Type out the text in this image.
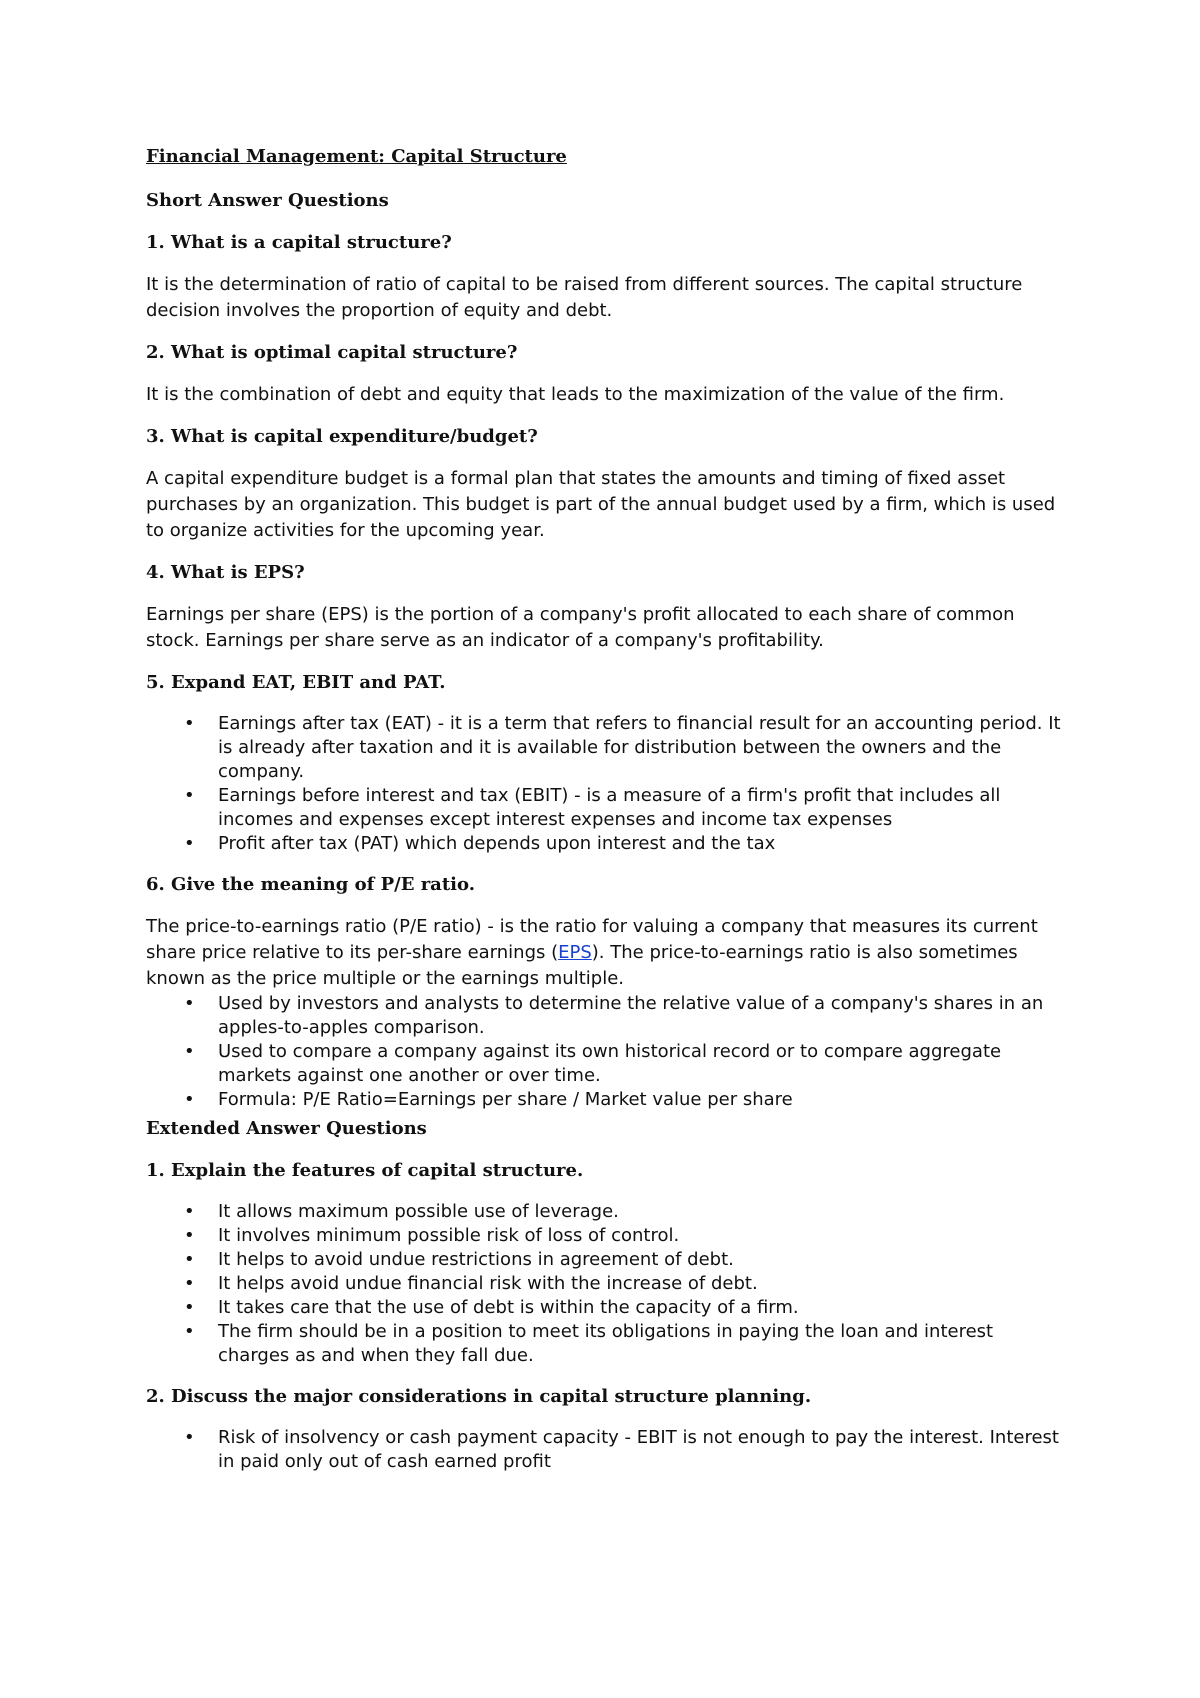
Financial Management: Capital Structure
Short Answer Questions
1. What is a capital structure?

It is the determination of ratio of capital to be raised from different sources. The capital structure decision involves the proportion of equity and debt.

2. What is optimal capital structure?

It is the combination of debt and equity that leads to the maximization of the value of the firm.

3. What is capital expenditure/budget?

A capital expenditure budget is a formal plan that states the amounts and timing of fixed asset purchases by an organization. This budget is part of the annual budget used by a firm, which is used to organize activities for the upcoming year.

4. What is EPS?

Earnings per share (EPS) is the portion of a company's profit allocated to each share of common stock. Earnings per share serve as an indicator of a company's profitability.

5. Expand EAT, EBIT and PAT.
• Earnings after tax (EAT) - it is a term that refers to financial result for an accounting period. It is already after taxation and it is available for distribution between the owners and the company.
• Earnings before interest and tax (EBIT) - is a measure of a firm's profit that includes all incomes and expenses except interest expenses and income tax expenses
• Profit after tax (PAT) which depends upon interest and the tax
6. Give the meaning of P/E ratio.

The price-to-earnings ratio (P/E ratio) - is the ratio for valuing a company that measures its current share price relative to its per-share earnings (EPS). The price-to-earnings ratio is also sometimes known as the price multiple or the earnings multiple.

• Used by investors and analysts to determine the relative value of a company's shares in an apples-to-apples comparison.
• Used to compare a company against its own historical record or to compare aggregate markets against one another or over time.
• Formula: P/E Ratio=Earnings per share / Market value per share
Extended Answer Questions
1. Explain the features of capital structure.
• It allows maximum possible use of leverage.
• It involves minimum possible risk of loss of control.
• It helps to avoid undue restrictions in agreement of debt.
• It helps avoid undue financial risk with the increase of debt.
• It takes care that the use of debt is within the capacity of a firm.
• The firm should be in a position to meet its obligations in paying the loan and interest charges as and when they fall due.
2. Discuss the major considerations in capital structure planning.
• Risk of insolvency or cash payment capacity - EBIT is not enough to pay the interest. Interest in paid only out of cash earned profit
